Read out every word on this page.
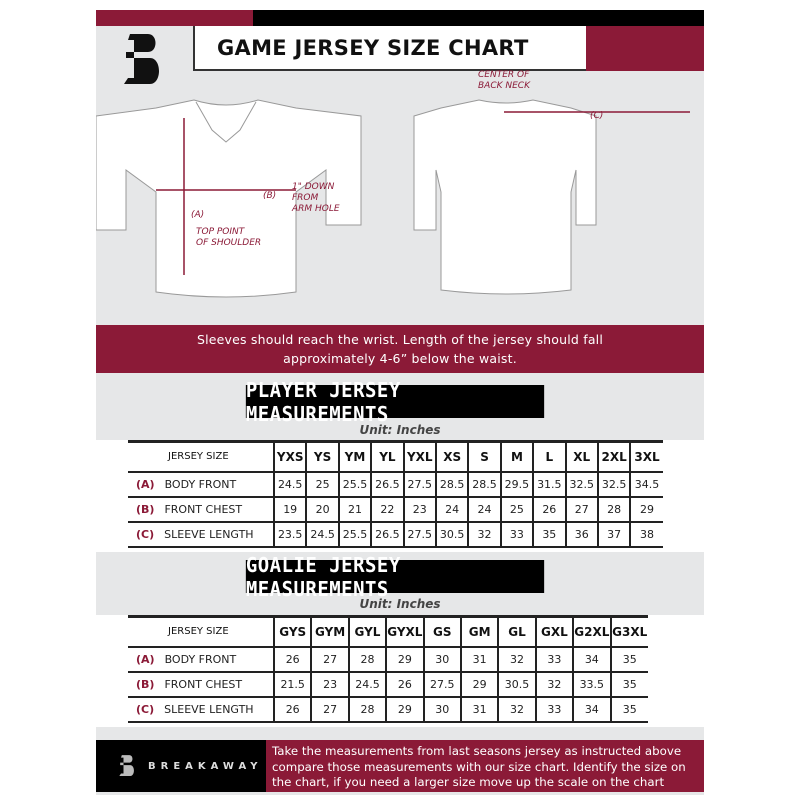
GAME JERSEY SIZE CHART
(A)
TOP POINT
OF SHOULDER
(B)
1" DOWN
FROM
ARM HOLE
CENTER OF
BACK NECK
(C)
Sleeves should reach the wrist. Length of the jersey should fall
approximately 4-6” below the waist.
PLAYER JERSEY MEASUREMENTS
Unit: Inches
JERSEY SIZE	YXS	YS	YM	YL	YXL	XS	S	M	L	XL	2XL	3XL
(A) BODY FRONT	24.5	25	25.5	26.5	27.5	28.5	28.5	29.5	31.5	32.5	32.5	34.5
(B) FRONT CHEST	19	20	21	22	23	24	24	25	26	27	28	29
(C) SLEEVE LENGTH	23.5	24.5	25.5	26.5	27.5	30.5	32	33	35	36	37	38
GOALIE JERSEY MEASUREMENTS
Unit: Inches
JERSEY SIZE	GYS	GYM	GYL	GYXL	GS	GM	GL	GXL	G2XL	G3XL
(A) BODY FRONT	26	27	28	29	30	31	32	33	34	35
(B) FRONT CHEST	21.5	23	24.5	26	27.5	29	30.5	32	33.5	35
(C) SLEEVE LENGTH	26	27	28	29	30	31	32	33	34	35
BREAKAWAY
Take the measurements from last seasons jersey as instructed above compare those measurements with our size chart. Identify the size on the chart, if you need a larger size move up the scale on the chart
